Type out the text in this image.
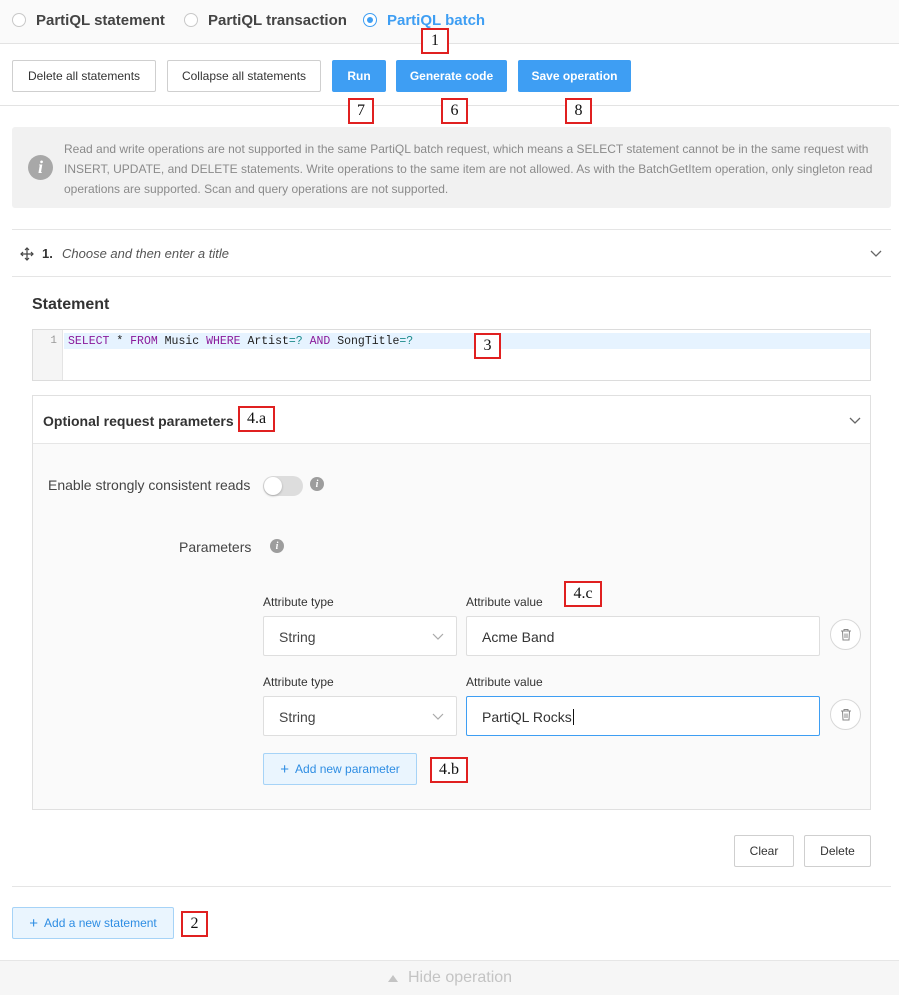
PartiQL statement	PartiQL transaction	PartiQL batch
Delete all statements	Collapse all statements	Run	Generate code	Save operation
i
Read and write operations are not supported in the same PartiQL batch request, which means a SELECT statement cannot be in the same request with INSERT, UPDATE, and DELETE statements. Write operations to the same item are not allowed. As with the BatchGetItem operation, only singleton read operations are supported. Scan and query operations are not supported.
1. Choose and then enter a title
Statement
1 SELECT * FROM Music WHERE Artist=? AND SongTitle=?
Optional request parameters
Enable strongly consistent reads	i
Parameters	i
Attribute type	Attribute value
String	Acme Band
Attribute type	Attribute value
String	PartiQL Rocks
+ Add new parameter
Clear	Delete
+ Add a new statement
Hide operation
1
7	6	8
3
4.a
4.c
4.b
2
